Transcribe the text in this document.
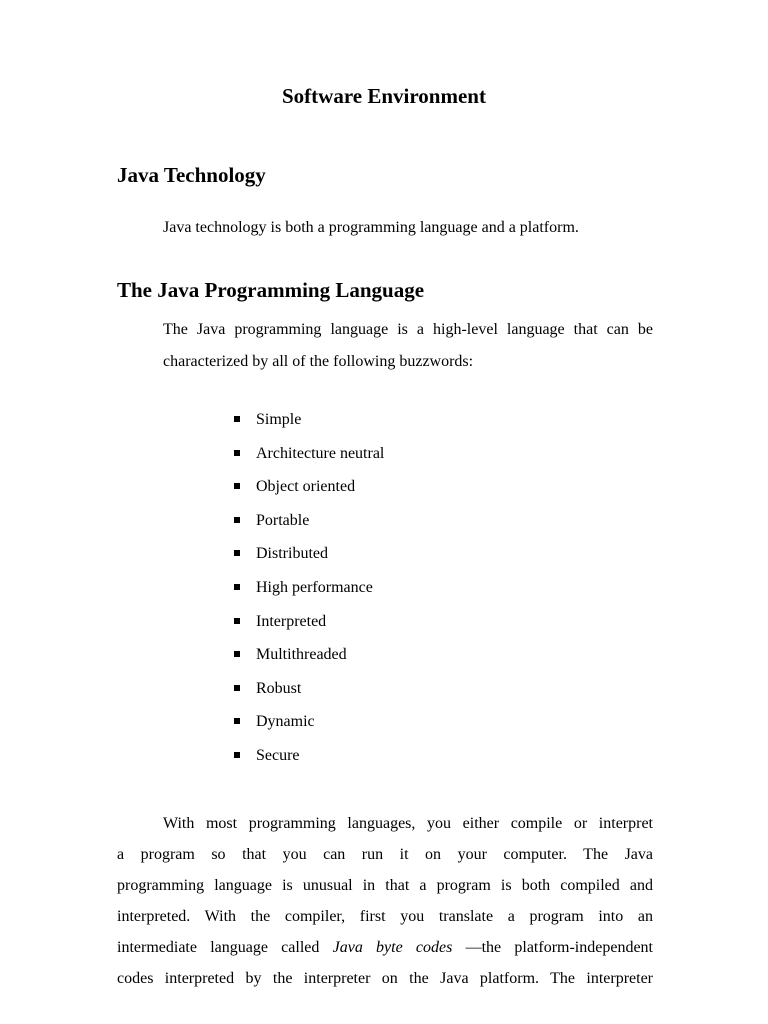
Software Environment
Java Technology

Java technology is both a programming language and a platform.

The Java Programming Language

The Java programming language is a high-level language that can be characterized by all of the following buzzwords:

Simple
Architecture neutral
Object oriented
Portable
Distributed
High performance
Interpreted
Multithreaded
Robust
Dynamic
Secure
With most programming languages, you either compile or interpret
a program so that you can run it on your computer. The Java
programming language is unusual in that a program is both compiled and
interpreted. With the compiler, first you translate a program into an
intermediate language called Java byte codes —the platform-independent
codes interpreted by the interpreter on the Java platform. The interpreter
